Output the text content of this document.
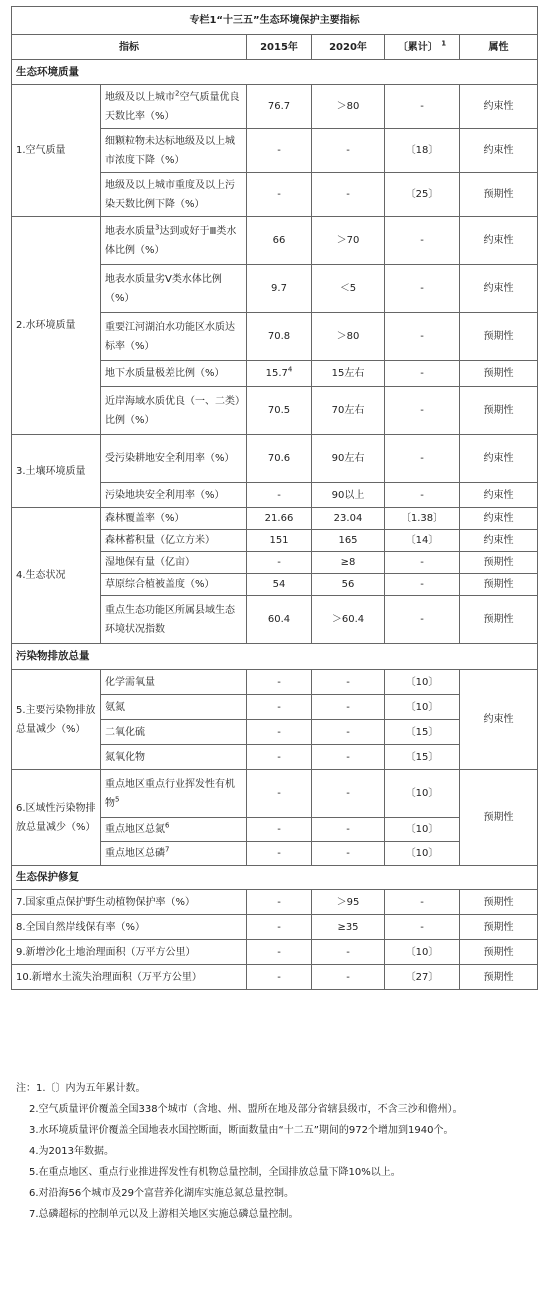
专栏1“十三五”生态环境保护主要指标					
指标		2015年	2020年	〔累计〕 $^1$	属性
生态环境质量					
1.空气质量	地级及以上城市$^2$空气质量优良天数比率（%）	76.7	＞80	-	约束性
	细颗粒物未达标地级及以上城市浓度下降（%）	-	-	〔18〕	约束性
	地级及以上城市重度及以上污染天数比例下降（%）	-	-	〔25〕	预期性
2.水环境质量	地表水质量$^3$达到或好于Ⅲ类水体比例（%）	66	＞70	-	约束性
	地表水质量劣Ⅴ类水体比例（%）	9.7	＜5	-	约束性
	重要江河湖泊水功能区水质达标率（%）	70.8	＞80	-	预期性
	地下水质量极差比例（%）	15.7$^4$	15左右	-	预期性
	近岸海域水质优良（一、二类）比例（%）	70.5	70左右	-	预期性
3.土壤环境质量	受污染耕地安全利用率（%）	70.6	90左右	-	约束性
	污染地块安全利用率（%）	-	90以上	-	约束性
4.生态状况	森林覆盖率（%）	21.66	23.04	〔1.38〕	约束性
	森林蓄积量（亿立方米）	151	165	〔14〕	约束性
	湿地保有量（亿亩）	-	≥8	-	预期性
	草原综合植被盖度（%）	54	56	-	预期性
	重点生态功能区所属县域生态环境状况指数	60.4	＞60.4	-	预期性
污染物排放总量					
5.主要污染物排放总量减少（%）	化学需氧量	-	-	〔10〕	约束性
	氨氮	-	-	〔10〕	
	二氧化硫	-	-	〔15〕	
	氮氧化物	-	-	〔15〕	
6.区域性污染物排放总量减少（%）	重点地区重点行业挥发性有机物$^5$	-	-	〔10〕	预期性
	重点地区总氮$^6$	-	-	〔10〕	
	重点地区总磷$^7$	-	-	〔10〕	
生态保护修复					
7.国家重点保护野生动植物保护率（%）		-	＞95	-	预期性
8.全国自然岸线保有率（%）		-	≥35	-	预期性
9.新增沙化土地治理面积（万平方公里）		-	-	〔10〕	预期性
10.新增水土流失治理面积（万平方公里）		-	-	〔27〕	预期性
注：1.〔〕内为五年累计数。
2.空气质量评价覆盖全国338个城市（含地、州、盟所在地及部分省辖县级市，不含三沙和儋州）。
3.水环境质量评价覆盖全国地表水国控断面，断面数量由“十二五”期间的972个增加到1940个。
4.为2013年数据。
5.在重点地区、重点行业推进挥发性有机物总量控制，全国排放总量下降10%以上。
6.对沿海56个城市及29个富营养化湖库实施总氮总量控制。
7.总磷超标的控制单元以及上游相关地区实施总磷总量控制。
